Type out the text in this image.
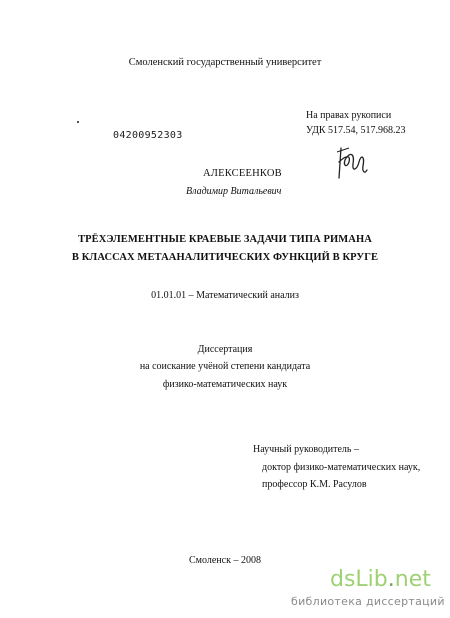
Смоленский государственный университет
На правах рукописи
УДК 517.54, 517.968.23
04200952303
АЛЕКСЕЕНКОВ
Владимир Витальевич
ТРЁХЭЛЕМЕНТНЫЕ КРАЕВЫЕ ЗАДАЧИ ТИПА РИМАНА
В КЛАССАХ МЕТААНАЛИТИЧЕСКИХ ФУНКЦИЙ В КРУГЕ
01.01.01 – Математический анализ
Диссертация
на соискание учёной степени кандидата
физико-математических наук
Научный руководитель –
доктор физико-математических наук,
профессор К.М. Расулов
Смоленск – 2008
dsLib.net
библиотека диссертаций
